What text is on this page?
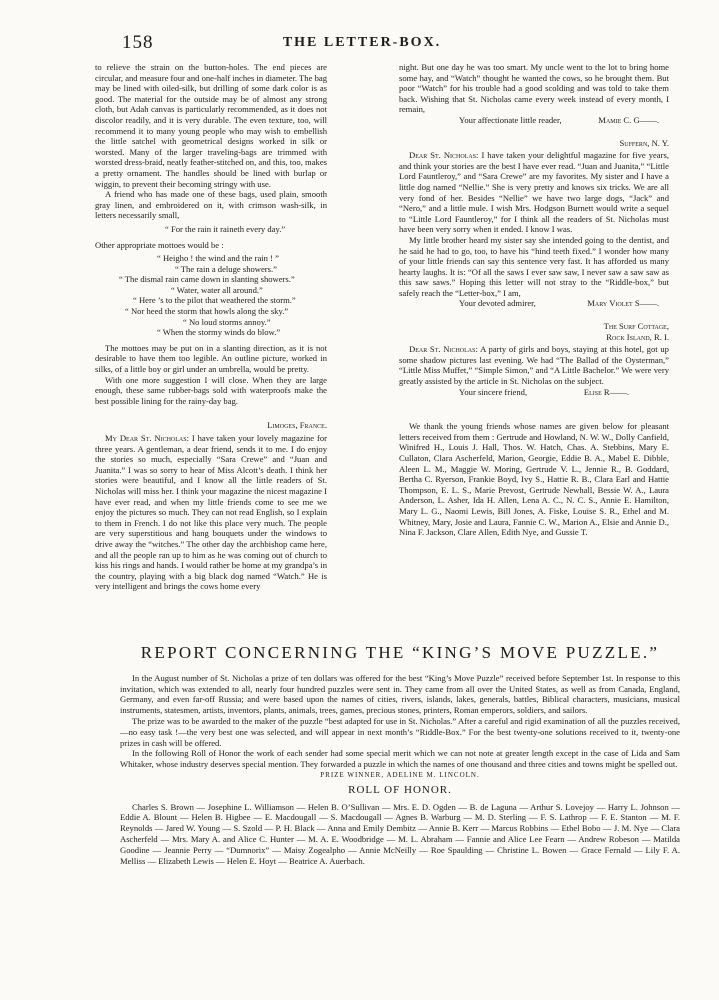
158	THE LETTER-BOX.

to relieve the strain on the button-holes. The end pieces are circular, and measure four and one-half inches in diameter. The bag may be lined with oiled-silk, but drilling of some dark color is as good. The material for the outside may be of almost any strong cloth, but Adah canvas is particularly recommended, as it does not discolor readily, and it is very durable. The even texture, too, will recommend it to many young people who may wish to embellish the little satchel with geometrical designs worked in silk or worsted. Many of the larger traveling-bags are trimmed with worsted dress-braid, neatly feather-stitched on, and this, too, makes a pretty ornament. The handles should be lined with burlap or wiggin, to prevent their becoming stringy with use.

A friend who has made one of these bags, used plain, smooth gray linen, and embroidered on it, with crimson wash-silk, in letters necessarily small,

“ For the rain it raineth every day.”

Other appropriate mottoes would be :

“ Heigho ! the wind and the rain ! ”
“ The rain a deluge showers.”
“ The dismal rain came down in slanting showers.”
“ Water, water all around.”
“ Here ’s to the pilot that weathered the storm.”
“ Nor heed the storm that howls along the sky.”
“ No loud storms annoy.”
“ When the stormy winds do blow.”

The mottoes may be put on in a slanting direction, as it is not desirable to have them too legible. An outline picture, worked in silks, of a little boy or girl under an umbrella, would be pretty.

With one more suggestion I will close. When they are large enough, these same rubber-bags sold with waterproofs make the best possible lining for the rainy-day bag.

Limoges, France.

My Dear St. Nicholas: I have taken your lovely magazine for three years. A gentleman, a dear friend, sends it to me. I do enjoy the stories so much, especially “Sara Crewe” and “Juan and Juanita.” I was so sorry to hear of Miss Alcott’s death. I think her stories were beautiful, and I know all the little readers of St. Nicholas will miss her. I think your magazine the nicest magazine I have ever read, and when my little friends come to see me we enjoy the pictures so much. They can not read English, so I explain to them in French. I do not like this place very much. The people are very superstitious and hang bouquets under the windows to drive away the “witches.” The other day the archbishop came here, and all the people ran up to him as he was coming out of church to kiss his rings and hands. I would rather be home at my grandpa’s in the country, playing with a big black dog named “Watch.” He is very intelligent and brings the cows home every

night. But one day he was too smart. My uncle went to the lot to bring home some hay, and “Watch” thought he wanted the cows, so he brought them. But poor “Watch” for his trouble had a good scolding and was told to take them back. Wishing that St. Nicholas came every week instead of every month, I remain,

Your affectionate little reader,	Mamie C. G——.
Suffern, N. Y.

Dear St. Nicholas: I have taken your delightful magazine for five years, and think your stories are the best I have ever read. “Juan and Juanita,” “Little Lord Fauntleroy,” and “Sara Crewe” are my favorites. My sister and I have a little dog named “Nellie.” She is very pretty and knows six tricks. We are all very fond of her. Besides “Nellie” we have two large dogs, “Jack” and “Nero,” and a little mule. I wish Mrs. Hodgson Burnett would write a sequel to “Little Lord Fauntleroy,” for I think all the readers of St. Nicholas must have been very sorry when it ended. I know I was.

My little brother heard my sister say she intended going to the dentist, and he said he had to go, too, to have his “hind teeth fixed.” I wonder how many of your little friends can say this sentence very fast. It has afforded us many hearty laughs. It is: “Of all the saws I ever saw saw, I never saw a saw saw as this saw saws.” Hoping this letter will not stray to the “Riddle-box,” but safely reach the “Letter-box,” I am,

Your devoted admirer,	Mary Violet S——.
The Surf Cottage,
Rock Island, R. I.

Dear St. Nicholas: A party of girls and boys, staying at this hotel, got up some shadow pictures last evening. We had “The Ballad of the Oysterman,” “Little Miss Muffet,” “Simple Simon,” and “A Little Bachelor.” We were very greatly assisted by the article in St. Nicholas on the subject.

Your sincere friend,	Elise R——.

We thank the young friends whose names are given below for pleasant letters received from them : Gertrude and Howland, N. W. W., Dolly Canfield, Winifred H., Louis J. Hall, Thos. W. Hatch, Chas. A. Stebbins, Mary E. Cullaton, Clara Ascherfeld, Marion, Georgie, Eddie B. A., Mabel E. Dibble, Aleen L. M., Maggie W. Moring, Gertrude V. L., Jennie R., B. Goddard, Bertha C. Ryerson, Frankie Boyd, Ivy S., Hattie R. B., Clara Earl and Hattie Thompson, E. L. S., Marie Prevost, Gertrude Newhall, Bessie W. A., Laura Anderson, L. Asher, Ida H. Allen, Lena A. C., N. C. S., Annie E. Hamilton, Mary L. G., Naomi Lewis, Bill Jones, A. Fiske, Louise S. R., Ethel and M. Whitney, Mary, Josie and Laura, Fannie C. W., Marion A., Elsie and Annie D., Nina F. Jackson, Clare Allen, Edith Nye, and Gussie T.

REPORT CONCERNING THE “KING’S MOVE PUZZLE.”

In the August number of St. Nicholas a prize of ten dollars was offered for the best “King’s Move Puzzle” received before September 1st. In response to this invitation, which was extended to all, nearly four hundred puzzles were sent in. They came from all over the United States, as well as from Canada, England, Germany, and even far-off Russia; and were based upon the names of cities, rivers, islands, lakes, generals, battles, Biblical characters, musicians, musical instruments, statesmen, artists, inventors, plants, animals, trees, games, precious stones, printers, Roman emperors, soldiers, and sailors.

The prize was to be awarded to the maker of the puzzle “best adapted for use in St. Nicholas.” After a careful and rigid examination of all the puzzles received,—no easy task !—the very best one was selected, and will appear in next month’s “Riddle-Box.” For the best twenty-one solutions received to it, twenty-one prizes in cash will be offered.

In the following Roll of Honor the work of each sender had some special merit which we can not note at greater length except in the case of Lida and Sam Whitaker, whose industry deserves special mention. They forwarded a puzzle in which the names of one thousand and three cities and towns might be spelled out.

PRIZE WINNER, ADELINE M. LINCOLN.

ROLL OF HONOR.

Charles S. Brown — Josephine L. Williamson — Helen B. O’Sullivan — Mrs. E. D. Ogden — B. de Laguna — Arthur S. Lovejoy — Harry L. Johnson — Eddie A. Blount — Helen B. Higbee — E. Macdougall — S. Macdougall — Agnes B. Warburg — M. D. Sterling — F. S. Lathrop — F. E. Stanton — M. F. Reynolds — Jared W. Young — S. Szold — P. H. Black — Anna and Emily Dembitz — Annie B. Kerr — Marcus Robbins — Ethel Bobo — J. M. Nye — Clara Ascherfeld — Mrs. Mary A. and Alice C. Hunter — M. A. E. Woodbridge — M. L. Abraham — Fannie and Alice Lee Fearn — Andrew Robeson — Matilda Goodine — Jeannie Perry — “Dumnorix” — Maisy Zogealpho — Annie McNeilly — Roe Spaulding — Christine L. Bowen — Grace Fernald — Lily F. A. Melliss — Elizabeth Lewis — Helen E. Hoyt — Beatrice A. Auerbach.
